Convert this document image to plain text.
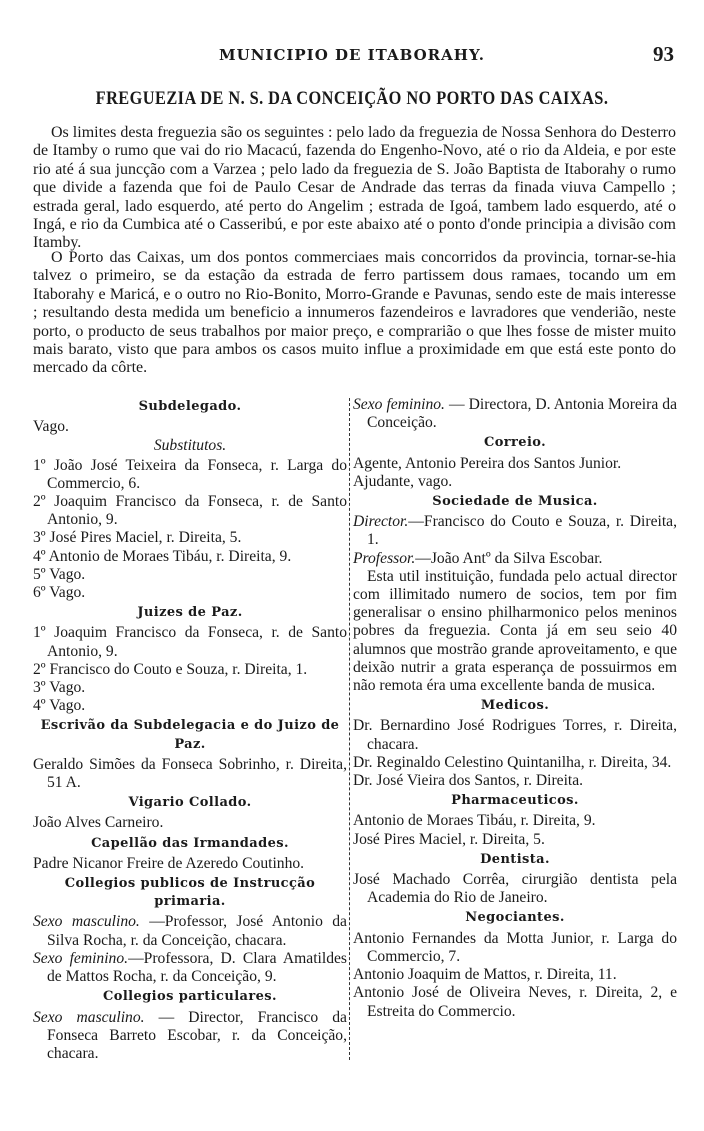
MUNICIPIO DE ITABORAHY.	93
FREGUEZIA DE N. S. DA CONCEIÇÃO NO PORTO DAS CAIXAS.

Os limites desta freguezia são os seguintes : pelo lado da freguezia de Nossa Senhora do Desterro de Itamby o rumo que vai do rio Macacú, fazenda do Engenho-Novo, até o rio da Aldeia, e por este rio até á sua juncção com a Varzea ; pelo lado da freguezia de S. João Baptista de Itaborahy o rumo que divide a fazenda que foi de Paulo Cesar de Andrade das terras da finada viuva Campello ; estrada geral, lado esquerdo, até perto do Angelim ; estrada de Igoá, tambem lado esquerdo, até o Ingá, e rio da Cumbica até o Casseribú, e por este abaixo até o ponto d'onde principia a divisão com Itamby.

O Porto das Caixas, um dos pontos commerciaes mais concorridos da provincia, tornar-se-hia talvez o primeiro, se da estação da estrada de ferro partissem dous ramaes, tocando um em Itaborahy e Maricá, e o outro no Rio-Bonito, Morro-Grande e Pavunas, sendo este de mais interesse ; resultando desta medida um beneficio a innumeros fazendeiros e lavradores que venderião, neste porto, o producto de seus trabalhos por maior preço, e comprarião o que lhes fosse de mister muito mais barato, visto que para ambos os casos muito influe a proximidade em que está este ponto do mercado da côrte.

Subdelegado.
Vago.
Substitutos.
1º João José Teixeira da Fonseca, r. Larga do Commercio, 6.
2º Joaquim Francisco da Fonseca, r. de Santo Antonio, 9.
3º José Pires Maciel, r. Direita, 5.
4º Antonio de Moraes Tibáu, r. Direita, 9.
5º Vago.
6º Vago.
Juizes de Paz.
1º Joaquim Francisco da Fonseca, r. de Santo Antonio, 9.
2º Francisco do Couto e Souza, r. Direita, 1.
3º Vago.
4º Vago.
Escrivão da Subdelegacia e do Juizo de Paz.
Geraldo Simões da Fonseca Sobrinho, r. Direita, 51 A.
Vigario Collado.
João Alves Carneiro.
Capellão das Irmandades.
Padre Nicanor Freire de Azeredo Coutinho.
Collegios publicos de Instrucção primaria.
Sexo masculino. —Professor, José Antonio da Silva Rocha, r. da Conceição, chacara.
Sexo feminino.—Professora, D. Clara Amatildes de Mattos Rocha, r. da Conceição, 9.
Collegios particulares.
Sexo masculino. — Director, Francisco da Fonseca Barreto Escobar, r. da Conceição, chacara.
Sexo feminino. — Directora, D. Antonia Moreira da Conceição.
Correio.
Agente, Antonio Pereira dos Santos Junior.
Ajudante, vago.
Sociedade de Musica.
Director.—Francisco do Couto e Souza, r. Direita, 1.
Professor.—João Antº da Silva Escobar.
Esta util instituição, fundada pelo actual director com illimitado numero de socios, tem por fim generalisar o ensino philharmonico pelos meninos pobres da freguezia. Conta já em seu seio 40 alumnos que mostrão grande aproveitamento, e que deixão nutrir a grata esperança de possuirmos em não remota éra uma excellente banda de musica.
Medicos.
Dr. Bernardino José Rodrigues Torres, r. Direita, chacara.
Dr. Reginaldo Celestino Quintanilha, r. Direita, 34.
Dr. José Vieira dos Santos, r. Direita.
Pharmaceuticos.
Antonio de Moraes Tibáu, r. Direita, 9.
José Pires Maciel, r. Direita, 5.
Dentista.
José Machado Corrêa, cirurgião dentista pela Academia do Rio de Janeiro.
Negociantes.
Antonio Fernandes da Motta Junior, r. Larga do Commercio, 7.
Antonio Joaquim de Mattos, r. Direita, 11.
Antonio José de Oliveira Neves, r. Direita, 2, e Estreita do Commercio.
